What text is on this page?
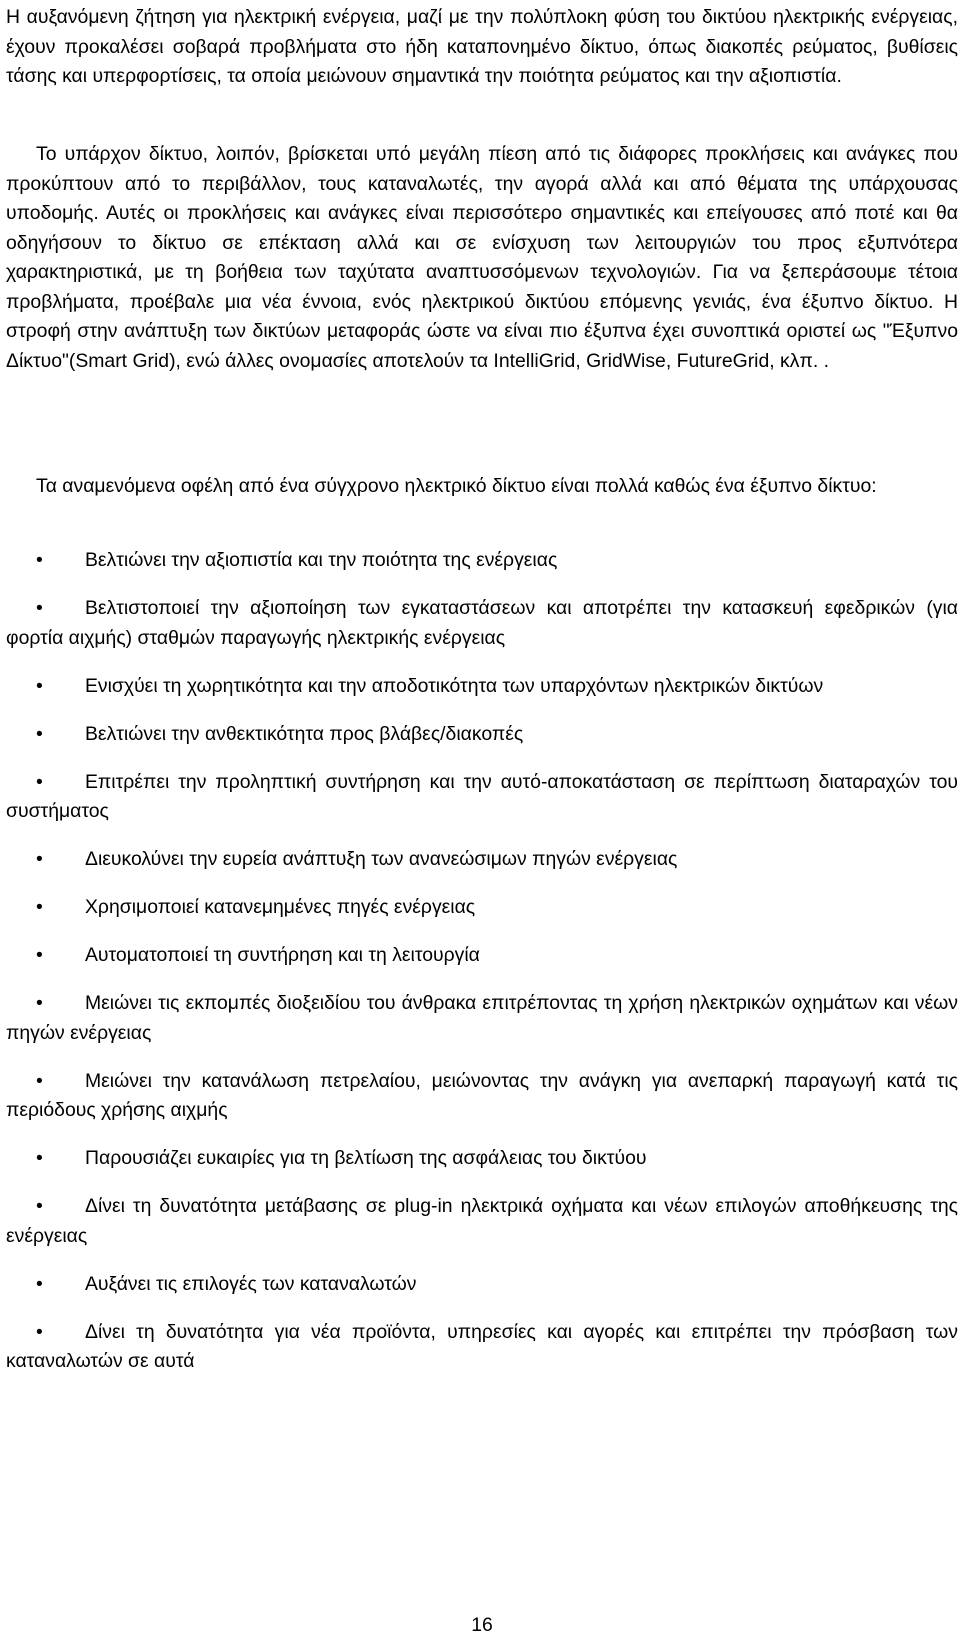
Η αυξανόμενη ζήτηση για ηλεκτρική ενέργεια, μαζί με την πολύπλοκη φύση του δικτύου ηλεκτρικής ενέργειας, έχουν προκαλέσει σοβαρά προβλήματα στο ήδη καταπονημένο δίκτυο, όπως διακοπές ρεύματος, βυθίσεις τάσης και υπερφορτίσεις, τα οποία μειώνουν σημαντικά την ποιότητα ρεύματος και την αξιοπιστία.

Το υπάρχον δίκτυο, λοιπόν, βρίσκεται υπό μεγάλη πίεση από τις διάφορες προκλήσεις και ανάγκες που προκύπτουν από το περιβάλλον, τους καταναλωτές, την αγορά αλλά και από θέματα της υπάρχουσας υποδομής. Αυτές οι προκλήσεις και ανάγκες είναι περισσότερο σημαντικές και επείγουσες από ποτέ και θα οδηγήσουν το δίκτυο σε επέκταση αλλά και σε ενίσχυση των λειτουργιών του προς εξυπνότερα χαρακτηριστικά, με τη βοήθεια των ταχύτατα αναπτυσσόμενων τεχνολογιών. Για να ξεπεράσουμε τέτοια προβλήματα, προέβαλε μια νέα έννοια, ενός ηλεκτρικού δικτύου επόμενης γενιάς, ένα έξυπνο δίκτυο. Η στροφή στην ανάπτυξη των δικτύων μεταφοράς ώστε να είναι πιο έξυπνα έχει συνοπτικά οριστεί ως "Έξυπνο Δίκτυο"(Smart Grid), ενώ άλλες ονομασίες αποτελούν τα IntelliGrid, GridWise, FutureGrid, κλπ. .

Τα αναμενόμενα οφέλη από ένα σύγχρονο ηλεκτρικό δίκτυο είναι πολλά καθώς ένα έξυπνο δίκτυο:

• Βελτιώνει την αξιοπιστία και την ποιότητα της ενέργειας
• Βελτιστοποιεί την αξιοποίηση των εγκαταστάσεων και αποτρέπει την κατασκευή εφεδρικών (για φορτία αιχμής) σταθμών παραγωγής ηλεκτρικής ενέργειας
• Ενισχύει τη χωρητικότητα και την αποδοτικότητα των υπαρχόντων ηλεκτρικών δικτύων
• Βελτιώνει την ανθεκτικότητα προς βλάβες/διακοπές
• Επιτρέπει την προληπτική συντήρηση και την αυτό-αποκατάσταση σε περίπτωση διαταραχών του συστήματος
• Διευκολύνει την ευρεία ανάπτυξη των ανανεώσιμων πηγών ενέργειας
• Χρησιμοποιεί κατανεμημένες πηγές ενέργειας
• Αυτοματοποιεί τη συντήρηση και τη λειτουργία
• Μειώνει τις εκπομπές διοξειδίου του άνθρακα επιτρέποντας τη χρήση ηλεκτρικών οχημάτων και νέων πηγών ενέργειας
• Μειώνει την κατανάλωση πετρελαίου, μειώνοντας την ανάγκη για ανεπαρκή παραγωγή κατά τις περιόδους χρήσης αιχμής
• Παρουσιάζει ευκαιρίες για τη βελτίωση της ασφάλειας του δικτύου
• Δίνει τη δυνατότητα μετάβασης σε plug-in ηλεκτρικά οχήματα και νέων επιλογών αποθήκευσης της ενέργειας
• Αυξάνει τις επιλογές των καταναλωτών
• Δίνει τη δυνατότητα για νέα προϊόντα, υπηρεσίες και αγορές και επιτρέπει την πρόσβαση των καταναλωτών σε αυτά
16
